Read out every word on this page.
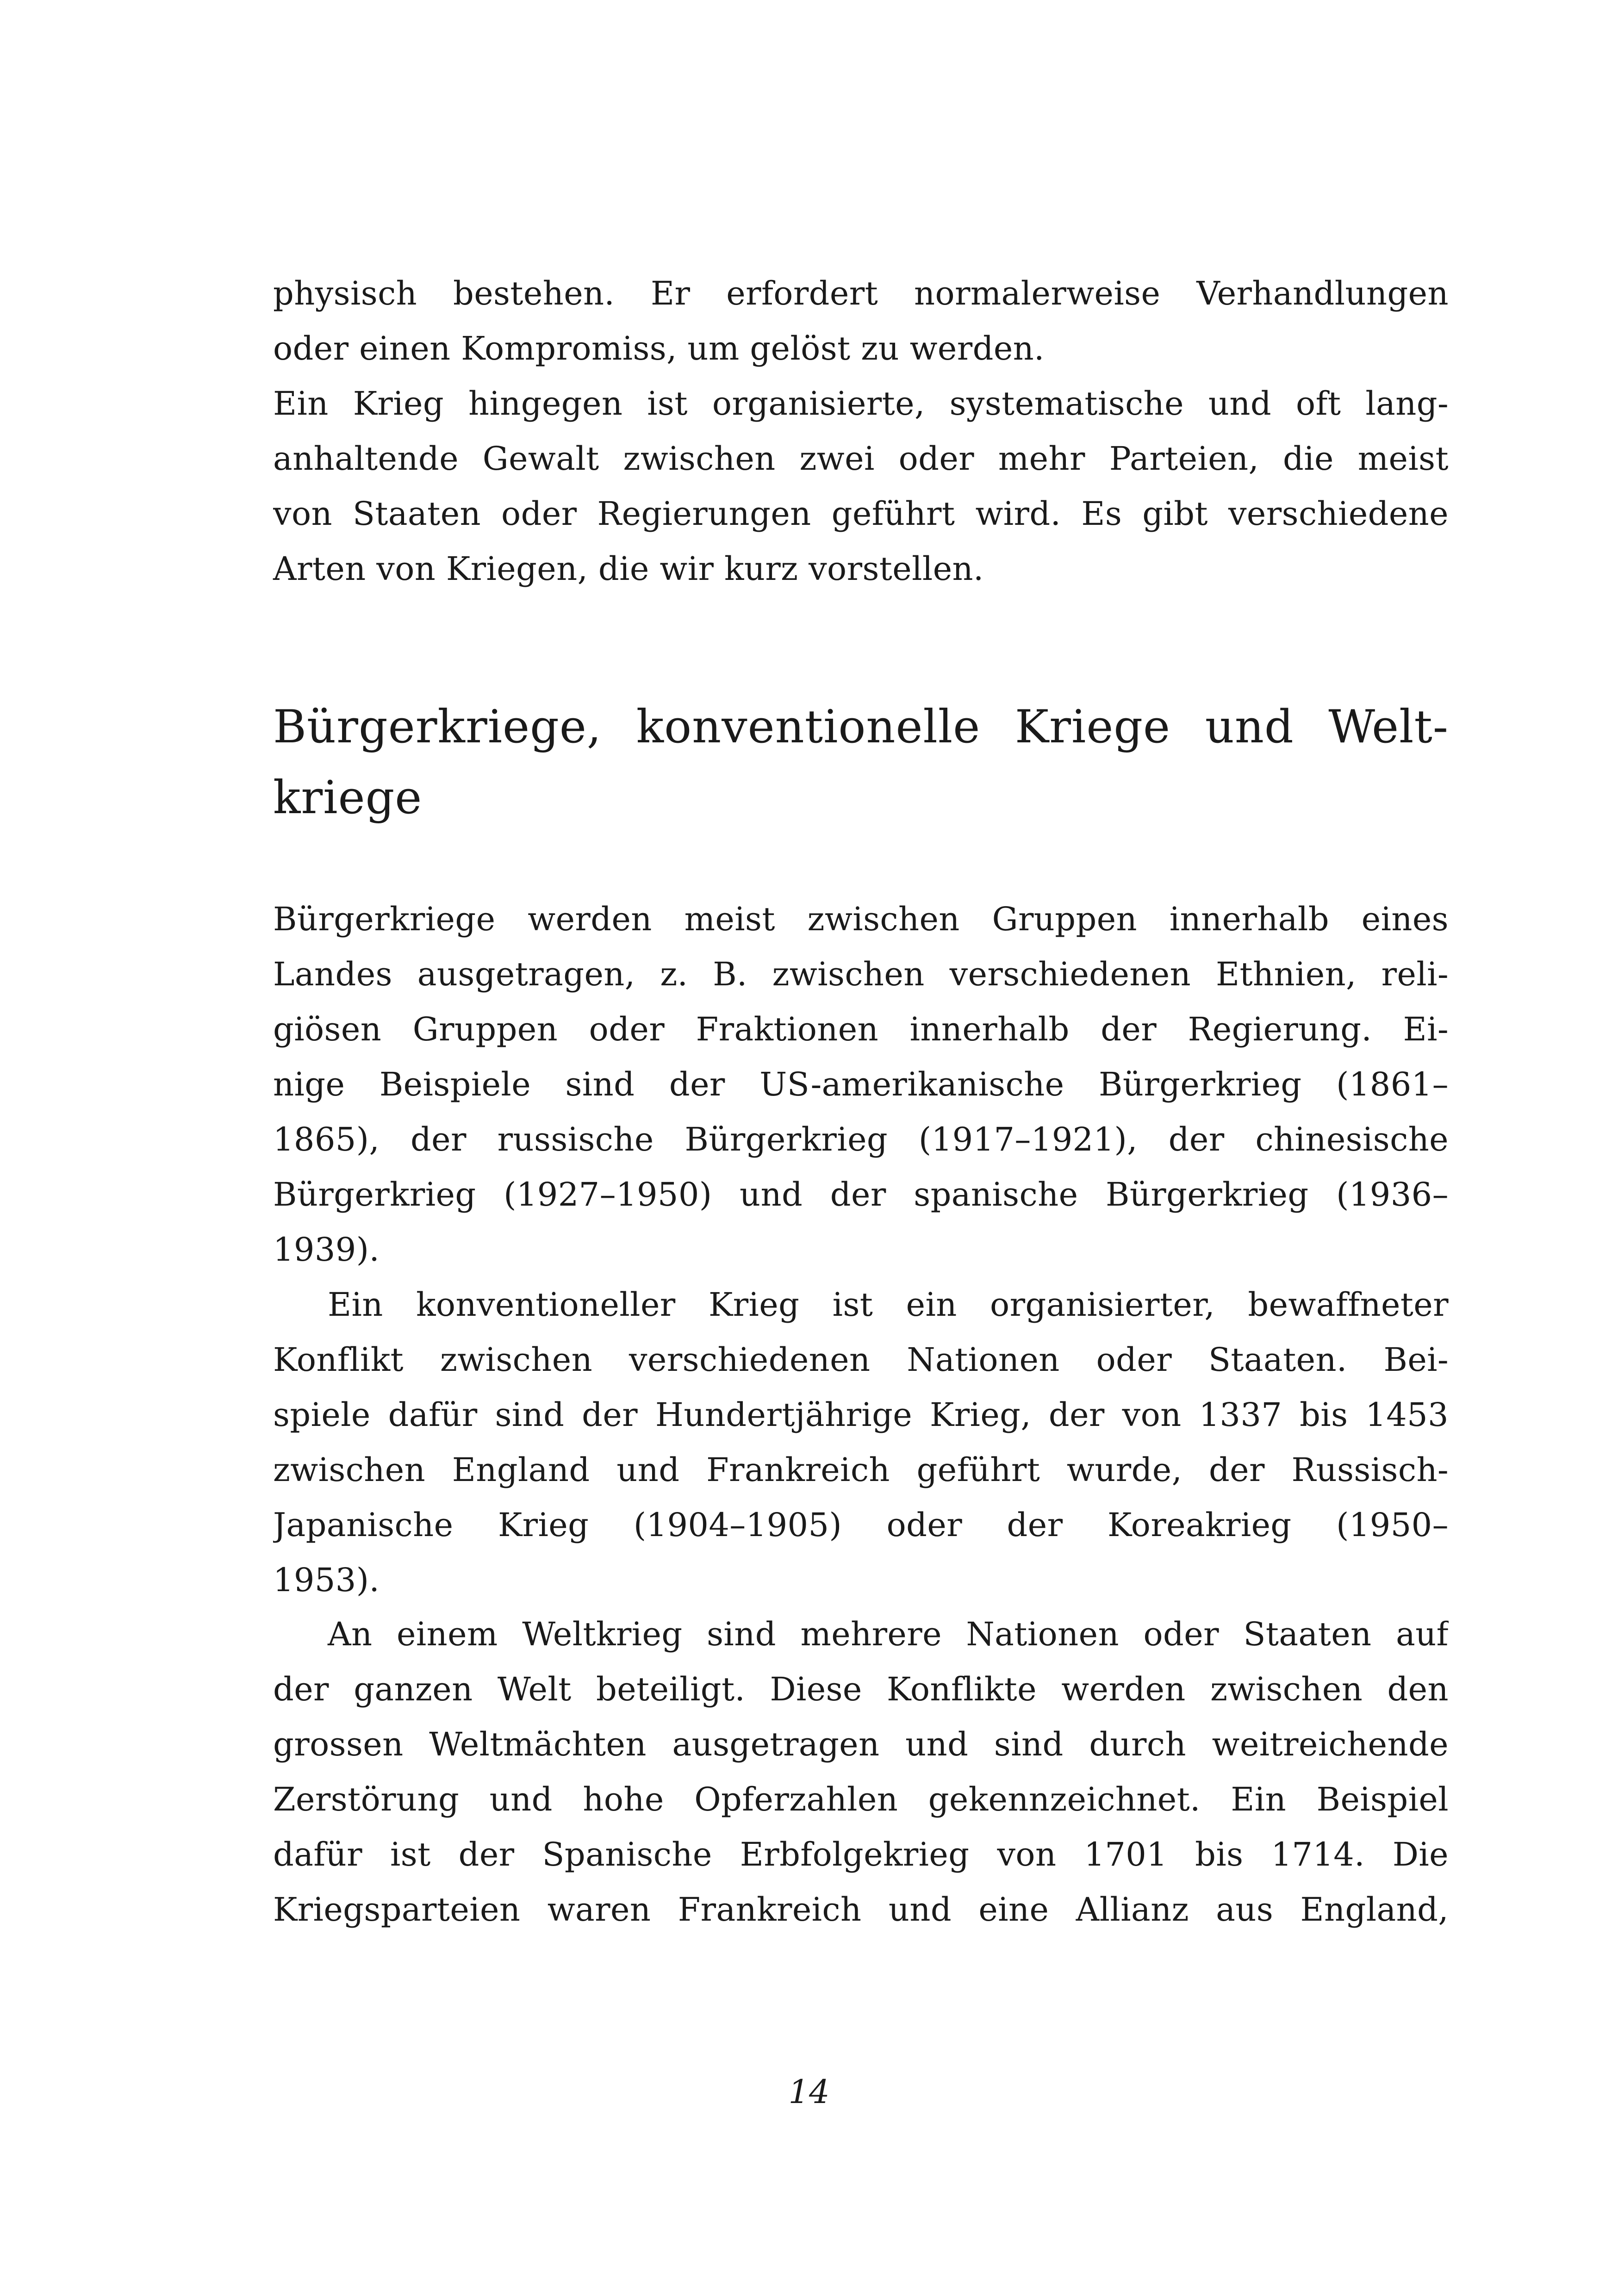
physisch bestehen. Er erfordert normalerweise Verhandlungen
oder einen Kompromiss, um gelöst zu werden.
Ein Krieg hingegen ist organisierte, systematische und oft lang-
anhaltende Gewalt zwischen zwei oder mehr Parteien, die meist
von Staaten oder Regierungen geführt wird. Es gibt verschiedene
Arten von Kriegen, die wir kurz vorstellen.
Bürgerkriege, konventionelle Kriege und Welt-
kriege
Bürgerkriege werden meist zwischen Gruppen innerhalb eines
Landes ausgetragen, z. B. zwischen verschiedenen Ethnien, reli-
giösen Gruppen oder Fraktionen innerhalb der Regierung. Ei-
nige Beispiele sind der US-amerikanische Bürgerkrieg (1861–
1865), der russische Bürgerkrieg (1917–1921), der chinesische
Bürgerkrieg (1927–1950) und der spanische Bürgerkrieg (1936–
1939).
Ein konventioneller Krieg ist ein organisierter, bewaffneter
Konflikt zwischen verschiedenen Nationen oder Staaten. Bei-
spiele dafür sind der Hundertjährige Krieg, der von 1337 bis 1453
zwischen England und Frankreich geführt wurde, der Russisch-
Japanische Krieg (1904–1905) oder der Koreakrieg (1950–
1953).
An einem Weltkrieg sind mehrere Nationen oder Staaten auf
der ganzen Welt beteiligt. Diese Konflikte werden zwischen den
grossen Weltmächten ausgetragen und sind durch weitreichende
Zerstörung und hohe Opferzahlen gekennzeichnet. Ein Beispiel
dafür ist der Spanische Erbfolgekrieg von 1701 bis 1714. Die
Kriegsparteien waren Frankreich und eine Allianz aus England,
14
